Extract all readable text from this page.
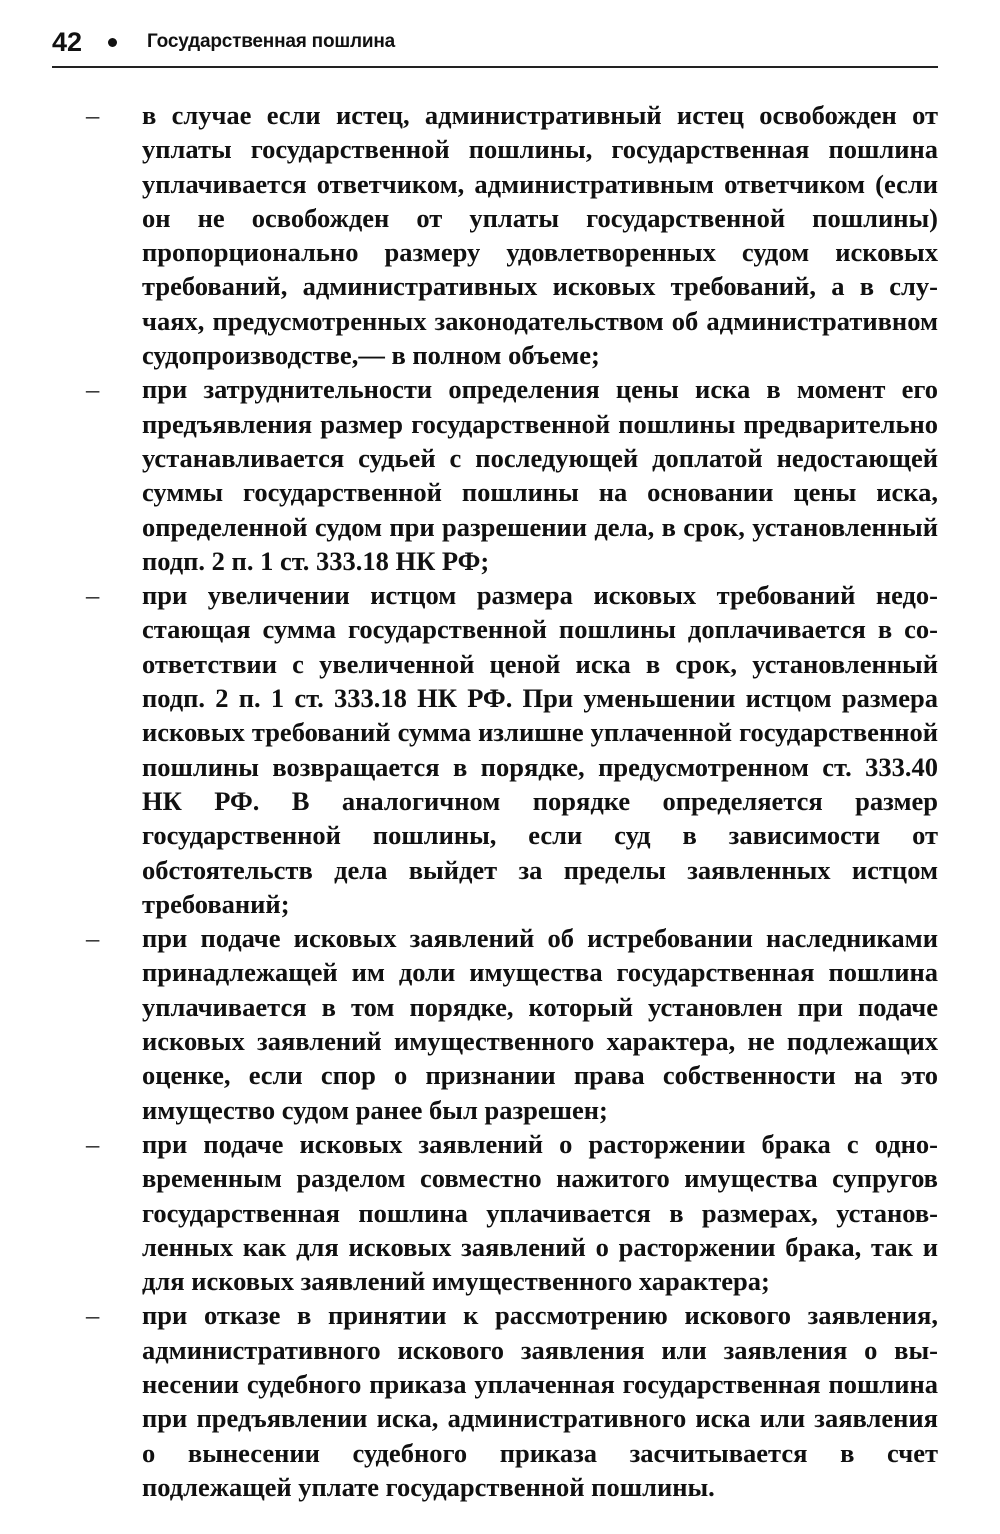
42	Государственная пошлина
– в случае если истец, административный истец освобожден от уплаты государственной пошлины, государственная пошлина уплачивается ответчиком, административным ответчиком (если он не освобожден от уплаты государственной пошлины) пропорционально размеру удовлетворенных судом исковых требований, административных исковых требований, а в случаях, предусмотренных законодательством об административном судопроизводстве,— в полном объеме;
– при затруднительности определения цены иска в момент его предъявления размер государственной пошлины предварительно устанавливается судьей с последующей доплатой недостающей суммы государственной пошлины на основании цены иска, определенной судом при разрешении дела, в срок, установленный подп. 2 п. 1 ст. 333.18 НК РФ;
– при увеличении истцом размера исковых требований недостающая сумма государственной пошлины доплачивается в соответствии с увеличенной ценой иска в срок, установленный подп. 2 п. 1 ст. 333.18 НК РФ. При уменьшении истцом размера исковых требований сумма излишне уплаченной государственной пошлины возвращается в порядке, предусмотренном ст. 333.40 НК РФ. В аналогичном порядке определяется размер государственной пошлины, если суд в зависимости от обстоятельств дела выйдет за пределы заявленных истцом требований;
– при подаче исковых заявлений об истребовании наследниками принадлежащей им доли имущества государственная пошлина уплачивается в том порядке, который установлен при подаче исковых заявлений имущественного характера, не подлежащих оценке, если спор о признании права собственности на это имущество судом ранее был разрешен;
– при подаче исковых заявлений о расторжении брака с одновременным разделом совместно нажитого имущества супругов государственная пошлина уплачивается в размерах, установленных как для исковых заявлений о расторжении брака, так и для исковых заявлений имущественного характера;
– при отказе в принятии к рассмотрению искового заявления, административного искового заявления или заявления о вынесении судебного приказа уплаченная государственная пошлина при предъявлении иска, административного иска или заявления о вынесении судебного приказа засчитывается в счет подлежащей уплате государственной пошлины.
